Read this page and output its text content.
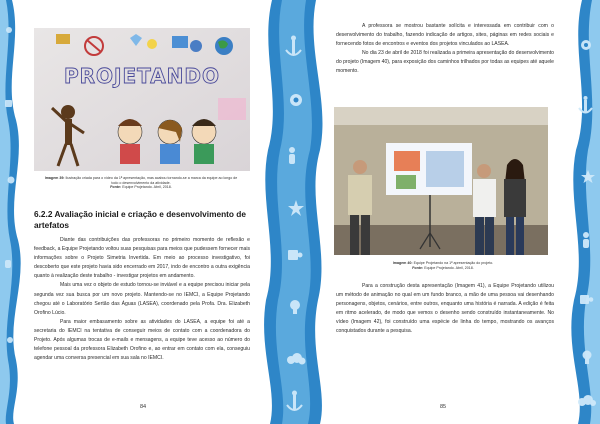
PROJETANDO
Imagem 39: Ilustração criada para o vídeo da 1ª apresentação, mas acabou tornando-se a marca da equipe ao longo de todo o desenvolvimento da atividade.
Fonte: Equipe Projetando. Abril, 2018.
6.2.2 Avaliação inicial e criação e desenvolvimento de artefatos

Diante das contribuições das professoras no primeiro momento de reflexão e feedback, a Equipe Projetando voltou suas pesquisas para meios que pudessem fornecer mais informações sobre o Projeto Simetria Invertida. Em meio ao processo investigativo, foi descoberto que este projeto havia sido encerrado em 2017, indo de encontro a outra exigência quanto à realização deste trabalho - investigar projetos em andamento.

Mais uma vez o objeto de estudo tornou-se inviável e a equipe precisou iniciar pela segunda vez sua busca por um novo projeto. Mantendo-se no IEMCI, a Equipe Projetando chegou até o Laboratório Sertão das Águas (LASEA), coordenado pela Profa. Dra. Elizabeth Orofino Lúcio.

Para maior embasamento sobre as atividades do LASEA, a equipe foi até a secretaria do IEMCI na tentativa de conseguir meios de contato com a coordenadora do Projeto. Após algumas trocas de e-mails e mensagens, a equipe teve acesso ao número do telefone pessoal da professora Elizabeth Orofino e, ao entrar em contato com ela, conseguiu agendar uma conversa presencial em sua sala no IEMCI.

84

A professora se mostrou bastante solícita e interessada em contribuir com o desenvolvimento do trabalho, fazendo indicação de artigos, sites, páginas em redes sociais e fornecendo fotos de encontros e eventos dos projetos vinculados ao LASEA.

No dia 23 de abril de 2018 foi realizada a primeira apresentação do desenvolvimento do projeto (Imagem 40), para exposição dos caminhos trilhados por todas as equipes até aquele momento.

Imagem 40: Equipe Projetando na 1ª apresentação do projeto.
Fonte: Equipe Projetando. Abril, 2018.

Para a construção desta apresentação (Imagem 41), a Equipe Projetando utilizou um método de animação no qual em um fundo branco, a mão de uma pessoa vai desenhando personagens, objetos, cenários, entre outros, enquanto uma história é narrada. A edição é feita em ritmo acelerado, de modo que vemos o desenho sendo construído instantaneamente. No vídeo (Imagem 42), foi construído uma espécie de linha do tempo, mostrando os avanços conquistados durante a pesquisa.

85
